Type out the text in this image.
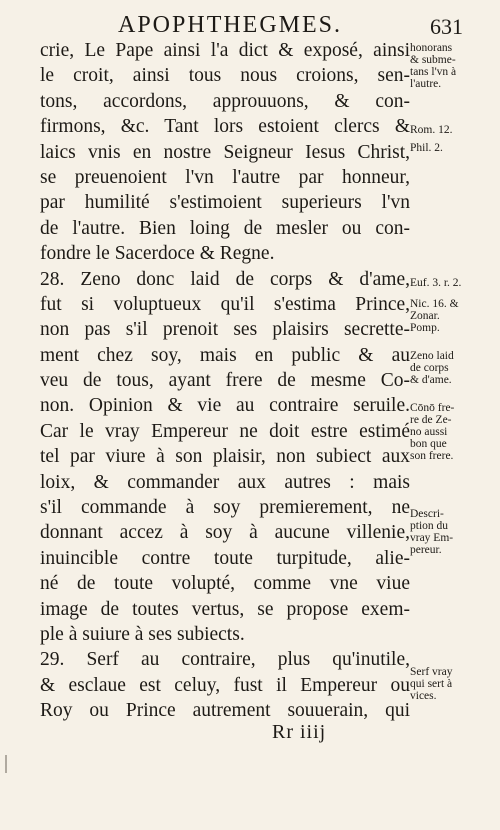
APOPHTHEGMES.	631
crie, Le Pape ainsi l'a dict & exposé, ainsi
le croit, ainsi tous nous croions, sen-
tons, accordons, approuuons, & con-
firmons, &c. Tant lors estoient clercs &
laics vnis en nostre Seigneur Iesus Christ,
se preuenoient l'vn l'autre par honneur,
par humilité s'estimoient superieurs l'vn
de l'autre. Bien loing de mesler ou con-
fondre le Sacerdoce & Regne.
28. Zeno donc laid de corps & d'ame,
fut si voluptueux qu'il s'estima Prince,
non pas s'il prenoit ses plaisirs secrette-
ment chez soy, mais en public & au
veu de tous, ayant frere de mesme Co-
non. Opinion & vie au contraire seruile.
Car le vray Empereur ne doit estre estimé
tel par viure à son plaisir, non subiect aux
loix, & commander aux autres : mais
s'il commande à soy premierement, ne
donnant accez à soy à aucune villenie,
inuincible contre toute turpitude, alie-
né de toute volupté, comme vne viue
image de toutes vertus, se propose exem-
ple à suiure à ses subiects.
29. Serf au contraire, plus qu'inutile,
& esclaue est celuy, fust il Empereur ou
Roy ou Prince autrement souuerain, qui
honorans
& subme-
tans l'vn à
l'autre.
Rom. 12.
Phil. 2.
Euf. 3. r. 2.
Nic. 16. &
Zonar.
Pomp.
Zeno laid
de corps
& d'ame.
Cōnō fre-
re de Ze-
no aussi
bon que
son frere.
Descri-
ption du
vray Em-
pereur.
Serf vray
qui sert à
vices.
Rr iiij
